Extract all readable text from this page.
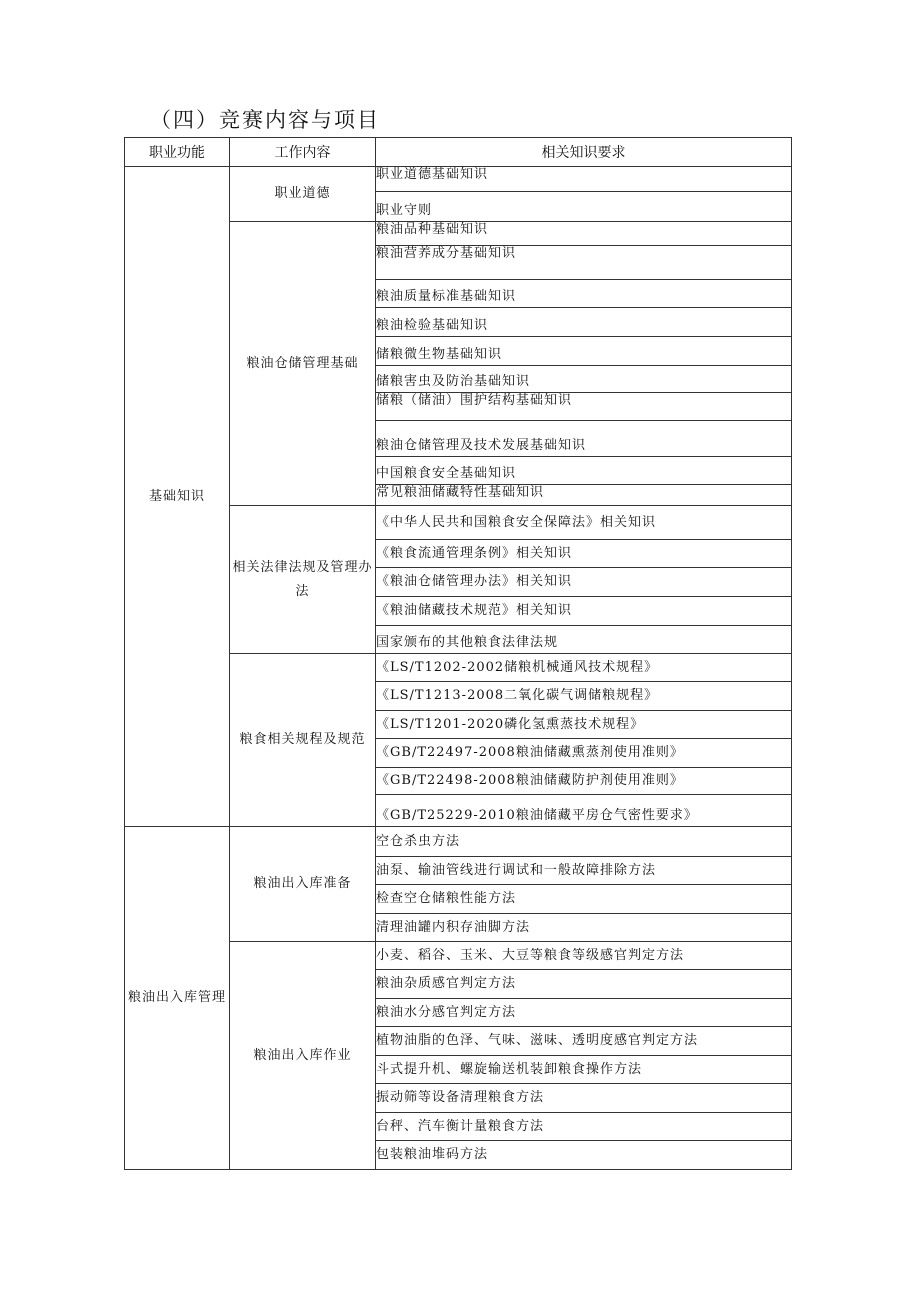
（四）竞赛内容与项目
职业功能	工作内容	相关知识要求
基础知识	职业道德	职业道德基础知识
		职业守则
	粮油仓储管理基础	粮油品种基础知识
		粮油营养成分基础知识
		粮油质量标准基础知识
		粮油检验基础知识
		储粮微生物基础知识
		储粮害虫及防治基础知识
		储粮（储油）围护结构基础知识
		粮油仓储管理及技术发展基础知识
		中国粮食安全基础知识
		常见粮油储藏特性基础知识
	相关法律法规及管理办法	《中华人民共和国粮食安全保障法》相关知识
		《粮食流通管理条例》相关知识
		《粮油仓储管理办法》相关知识
		《粮油储藏技术规范》相关知识
		国家颁布的其他粮食法律法规
	粮食相关规程及规范	《LS/T1202-2002储粮机械通风技术规程》
		《LS/T1213-2008二氧化碳气调储粮规程》
		《LS/T1201-2020磷化氢熏蒸技术规程》
		《GB/T22497-2008粮油储藏熏蒸剂使用准则》
		《GB/T22498-2008粮油储藏防护剂使用准则》
		《GB/T25229-2010粮油储藏平房仓气密性要求》
粮油出入库管理	粮油出入库准备	空仓杀虫方法
		油泵、输油管线进行调试和一般故障排除方法
		检查空仓储粮性能方法
		清理油罐内积存油脚方法
	粮油出入库作业	小麦、稻谷、玉米、大豆等粮食等级感官判定方法
		粮油杂质感官判定方法
		粮油水分感官判定方法
		植物油脂的色泽、气味、滋味、透明度感官判定方法
		斗式提升机、螺旋输送机装卸粮食操作方法
		振动筛等设备清理粮食方法
		台秤、汽车衡计量粮食方法
		包装粮油堆码方法
